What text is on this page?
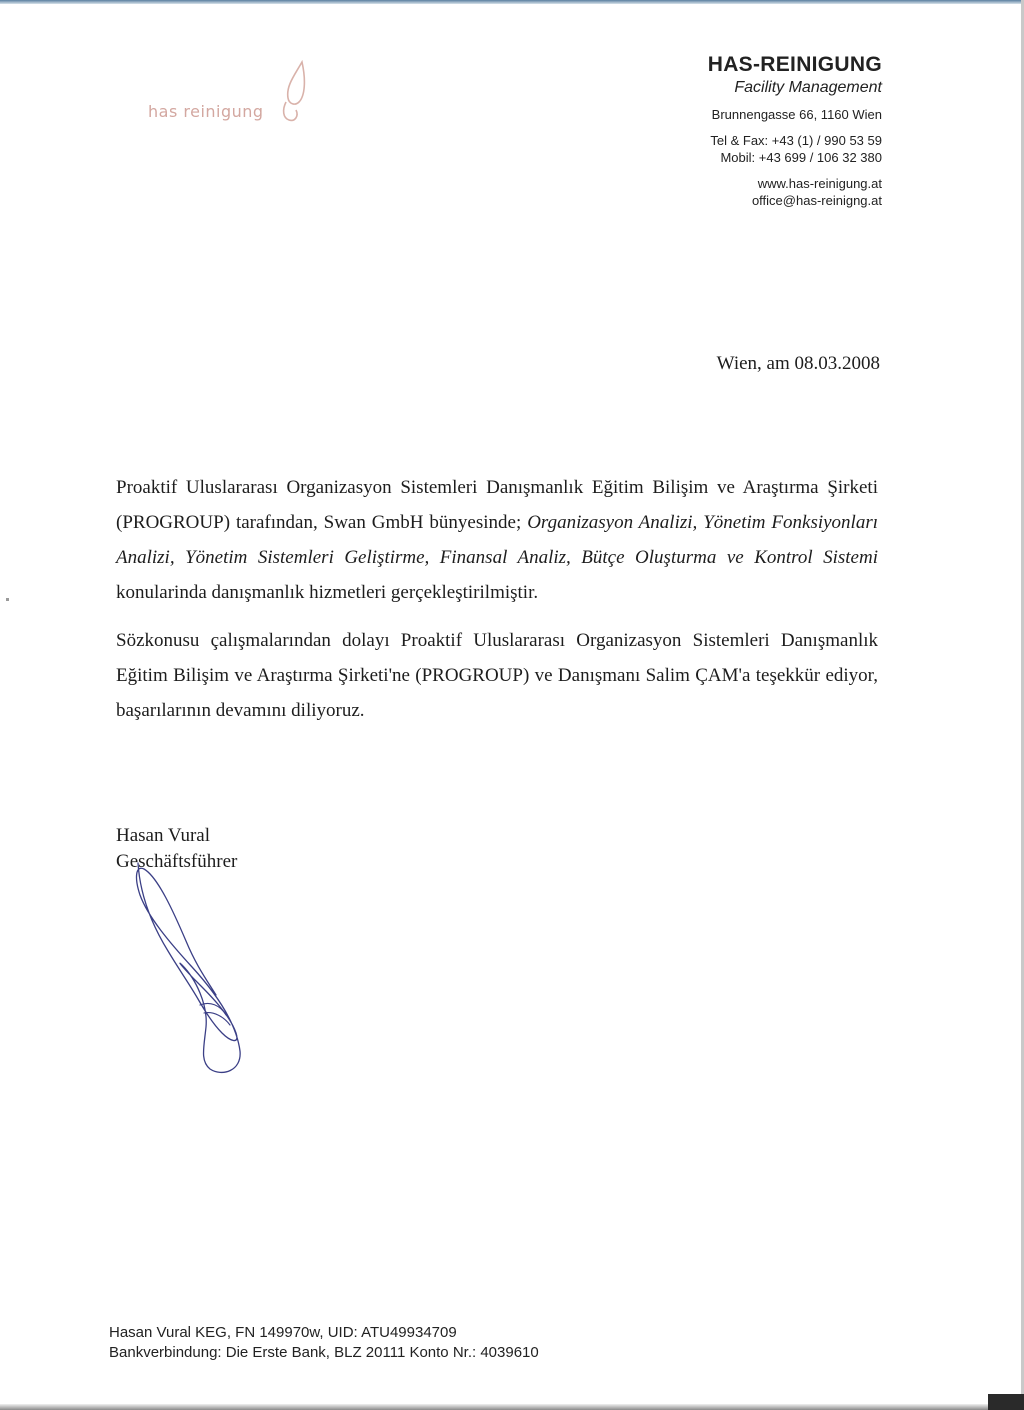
has reinigung
HAS-REINIGUNG
Facility Management
Brunnengasse 66, 1160 Wien
Tel & Fax: +43 (1) / 990 53 59
Mobil: +43 699 / 106 32 380
www.has-reinigung.at
office@has-reinigng.at
Wien, am 08.03.2008

Proaktif Uluslararası Organizasyon Sistemleri Danışmanlık Eğitim Bilişim ve Araştırma Şirketi (PROGROUP) tarafından, Swan GmbH bünyesinde; Organizasyon Analizi, Yönetim Fonksiyonları Analizi, Yönetim Sistemleri Geliştirme, Finansal Analiz, Bütçe Oluşturma ve Kontrol Sistemi konularinda danışmanlık hizmetleri gerçekleştirilmiştir.

Sözkonusu çalışmalarından dolayı Proaktif Uluslararası Organizasyon Sistemleri Danışmanlık Eğitim Bilişim ve Araştırma Şirketi'ne (PROGROUP) ve Danışmanı Salim ÇAM'a teşekkür ediyor, başarılarının devamını diliyoruz.

Hasan Vural
Geschäftsführer
Hasan Vural KEG, FN 149970w, UID: ATU49934709
Bankverbindung: Die Erste Bank, BLZ 20111 Konto Nr.: 4039610
